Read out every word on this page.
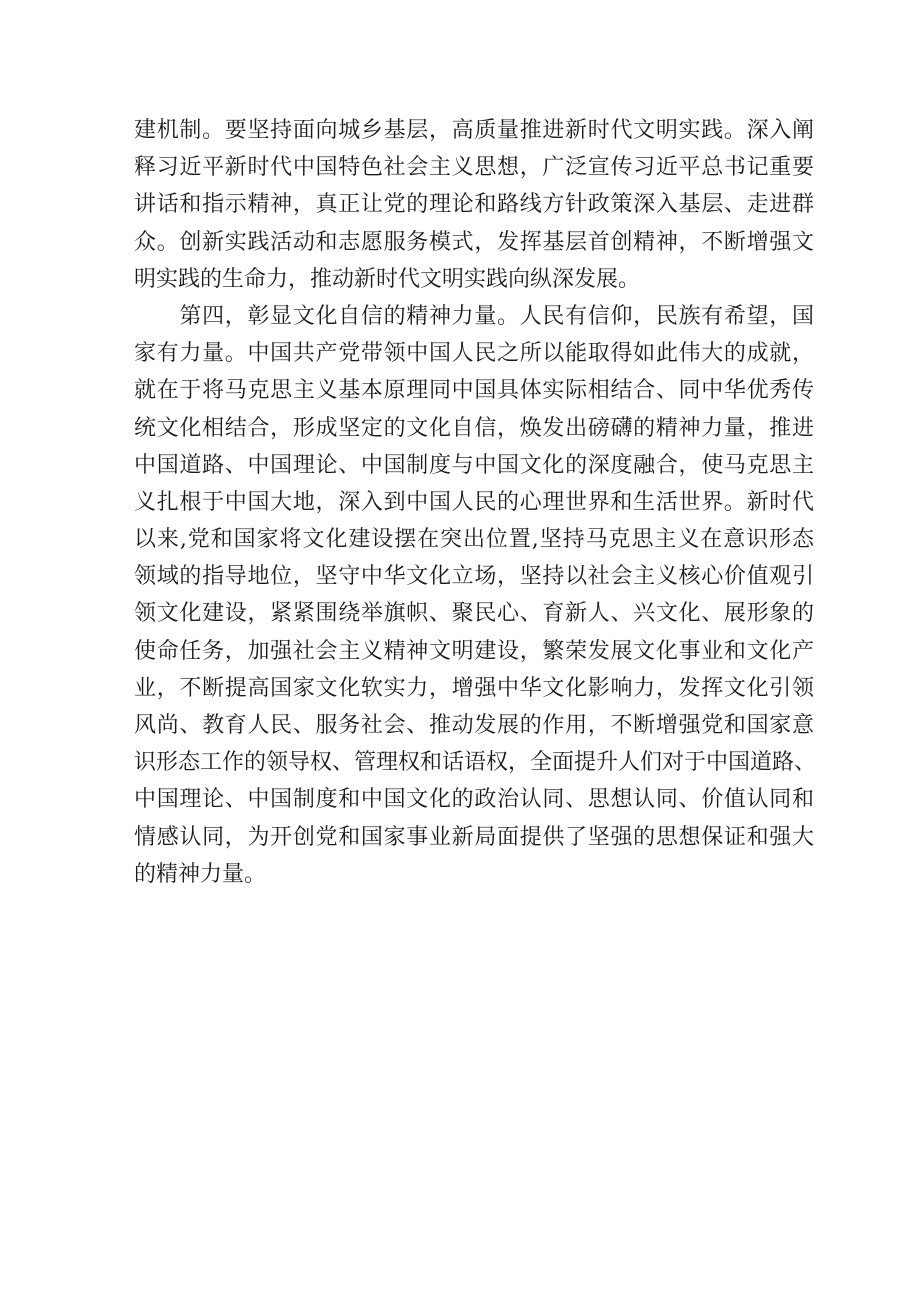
建机制。要坚持面向城乡基层，高质量推进新时代文明实践。深入阐
释习近平新时代中国特色社会主义思想，广泛宣传习近平总书记重要
讲话和指示精神，真正让党的理论和路线方针政策深入基层、走进群
众。创新实践活动和志愿服务模式，发挥基层首创精神，不断增强文
明实践的生命力，推动新时代文明实践向纵深发展。
　　第四，彰显文化自信的精神力量。人民有信仰，民族有希望，国
家有力量。中国共产党带领中国人民之所以能取得如此伟大的成就，
就在于将马克思主义基本原理同中国具体实际相结合、同中华优秀传
统文化相结合，形成坚定的文化自信，焕发出磅礴的精神力量，推进
中国道路、中国理论、中国制度与中国文化的深度融合，使马克思主
义扎根于中国大地，深入到中国人民的心理世界和生活世界。新时代
以来,党和国家将文化建设摆在突出位置,坚持马克思主义在意识形态
领域的指导地位，坚守中华文化立场，坚持以社会主义核心价值观引
领文化建设，紧紧围绕举旗帜、聚民心、育新人、兴文化、展形象的
使命任务，加强社会主义精神文明建设，繁荣发展文化事业和文化产
业，不断提高国家文化软实力，增强中华文化影响力，发挥文化引领
风尚、教育人民、服务社会、推动发展的作用，不断增强党和国家意
识形态工作的领导权、管理权和话语权，全面提升人们对于中国道路、
中国理论、中国制度和中国文化的政治认同、思想认同、价值认同和
情感认同，为开创党和国家事业新局面提供了坚强的思想保证和强大
的精神力量。
